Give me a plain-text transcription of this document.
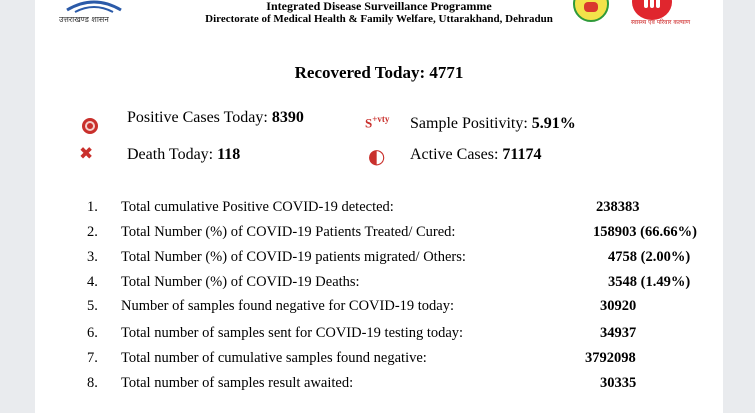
उत्तराखण्ड शासन
Integrated Disease Surveillance Programme
Directorate of Medical Health & Family Welfare, Uttarakhand, Dehradun	स्वास्थ्य एवं परिवार कल्याण
Recovered Today: 4771
Positive Cases Today: 8390	$S^{+vty}$ Sample Positivity: 5.91%
✖	Death Today: 118	◐ Active Cases: 71174
1. Total cumulative Positive COVID-19 detected:	238383
2. Total Number (%) of COVID-19 Patients Treated/ Cured:	158903 (66.66%)
3. Total Number (%) of COVID-19 patients migrated/ Others:	4758 (2.00%)
4. Total Number (%) of COVID-19 Deaths:	3548 (1.49%)
5. Number of samples found negative for COVID-19 today:	30920
6. Total number of samples sent for COVID-19 testing today:	34937
7. Total number of cumulative samples found negative:	3792098
8. Total number of samples result awaited:	30335
